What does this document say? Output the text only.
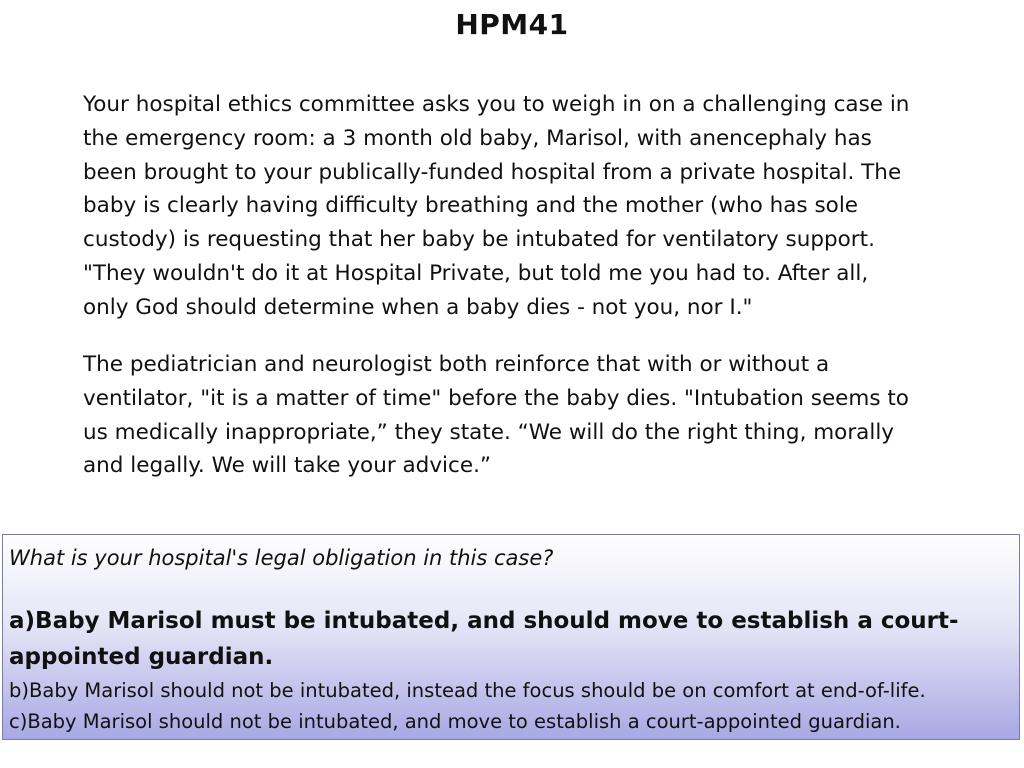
HPM41

Your hospital ethics committee asks you to weigh in on a challenging case in
the emergency room: a 3 month old baby, Marisol, with anencephaly has
been brought to your publically-funded hospital from a private hospital. The
baby is clearly having difficulty breathing and the mother (who has sole
custody) is requesting that her baby be intubated for ventilatory support.
"They wouldn't do it at Hospital Private, but told me you had to. After all,
only God should determine when a baby dies - not you, nor I."

The pediatrician and neurologist both reinforce that with or without a
ventilator, "it is a matter of time" before the baby dies. "Intubation seems to
us medically inappropriate,” they state. “We will do the right thing, morally
and legally. We will take your advice.”

What is your hospital's legal obligation in this case?

a)Baby Marisol must be intubated, and should move to establish a court-appointed guardian.
b)Baby Marisol should not be intubated, instead the focus should be on comfort at end-of-life.
c)Baby Marisol should not be intubated, and move to establish a court-appointed guardian.
